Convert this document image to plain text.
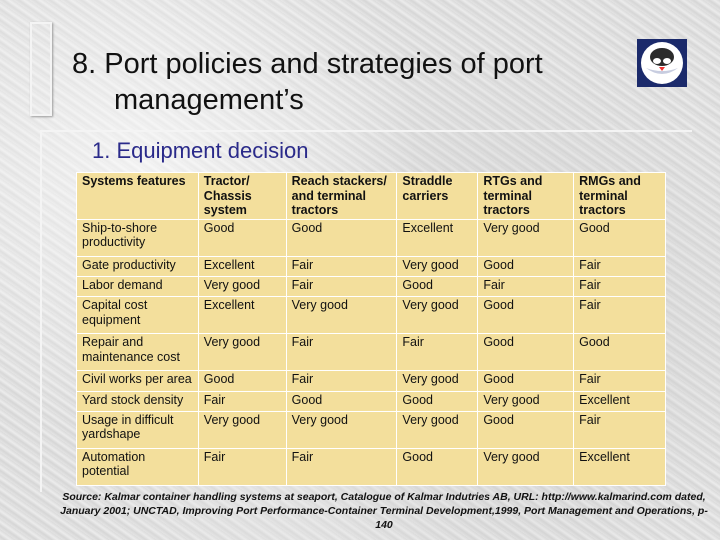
8. Port policies and strategies of port
management’s
1. Equipment decision
Systems features	Tractor/ Chassis system	Reach stackers/ and terminal tractors	Straddle carriers	RTGs and terminal tractors	RMGs and terminal tractors
Ship-to-shore productivity	Good	Good	Excellent	Very good	Good
Gate productivity	Excellent	Fair	Very good	Good	Fair
Labor demand	Very good	Fair	Good	Fair	Fair
Capital cost equipment	Excellent	Very good	Very good	Good	Fair
Repair and maintenance cost	Very good	Fair	Fair	Good	Good
Civil works per area	Good	Fair	Very good	Good	Fair
Yard stock density	Fair	Good	Good	Very good	Excellent
Usage in difficult yardshape	Very good	Very good	Very good	Good	Fair
Automation potential	Fair	Fair	Good	Very good	Excellent

Source: Kalmar container handling systems at seaport, Catalogue of Kalmar Indutries AB, URL: http://www.kalmarind.com dated, January 2001; UNCTAD, Improving Port Performance-Container Terminal Development,1999, Port Management and Operations, p-140
